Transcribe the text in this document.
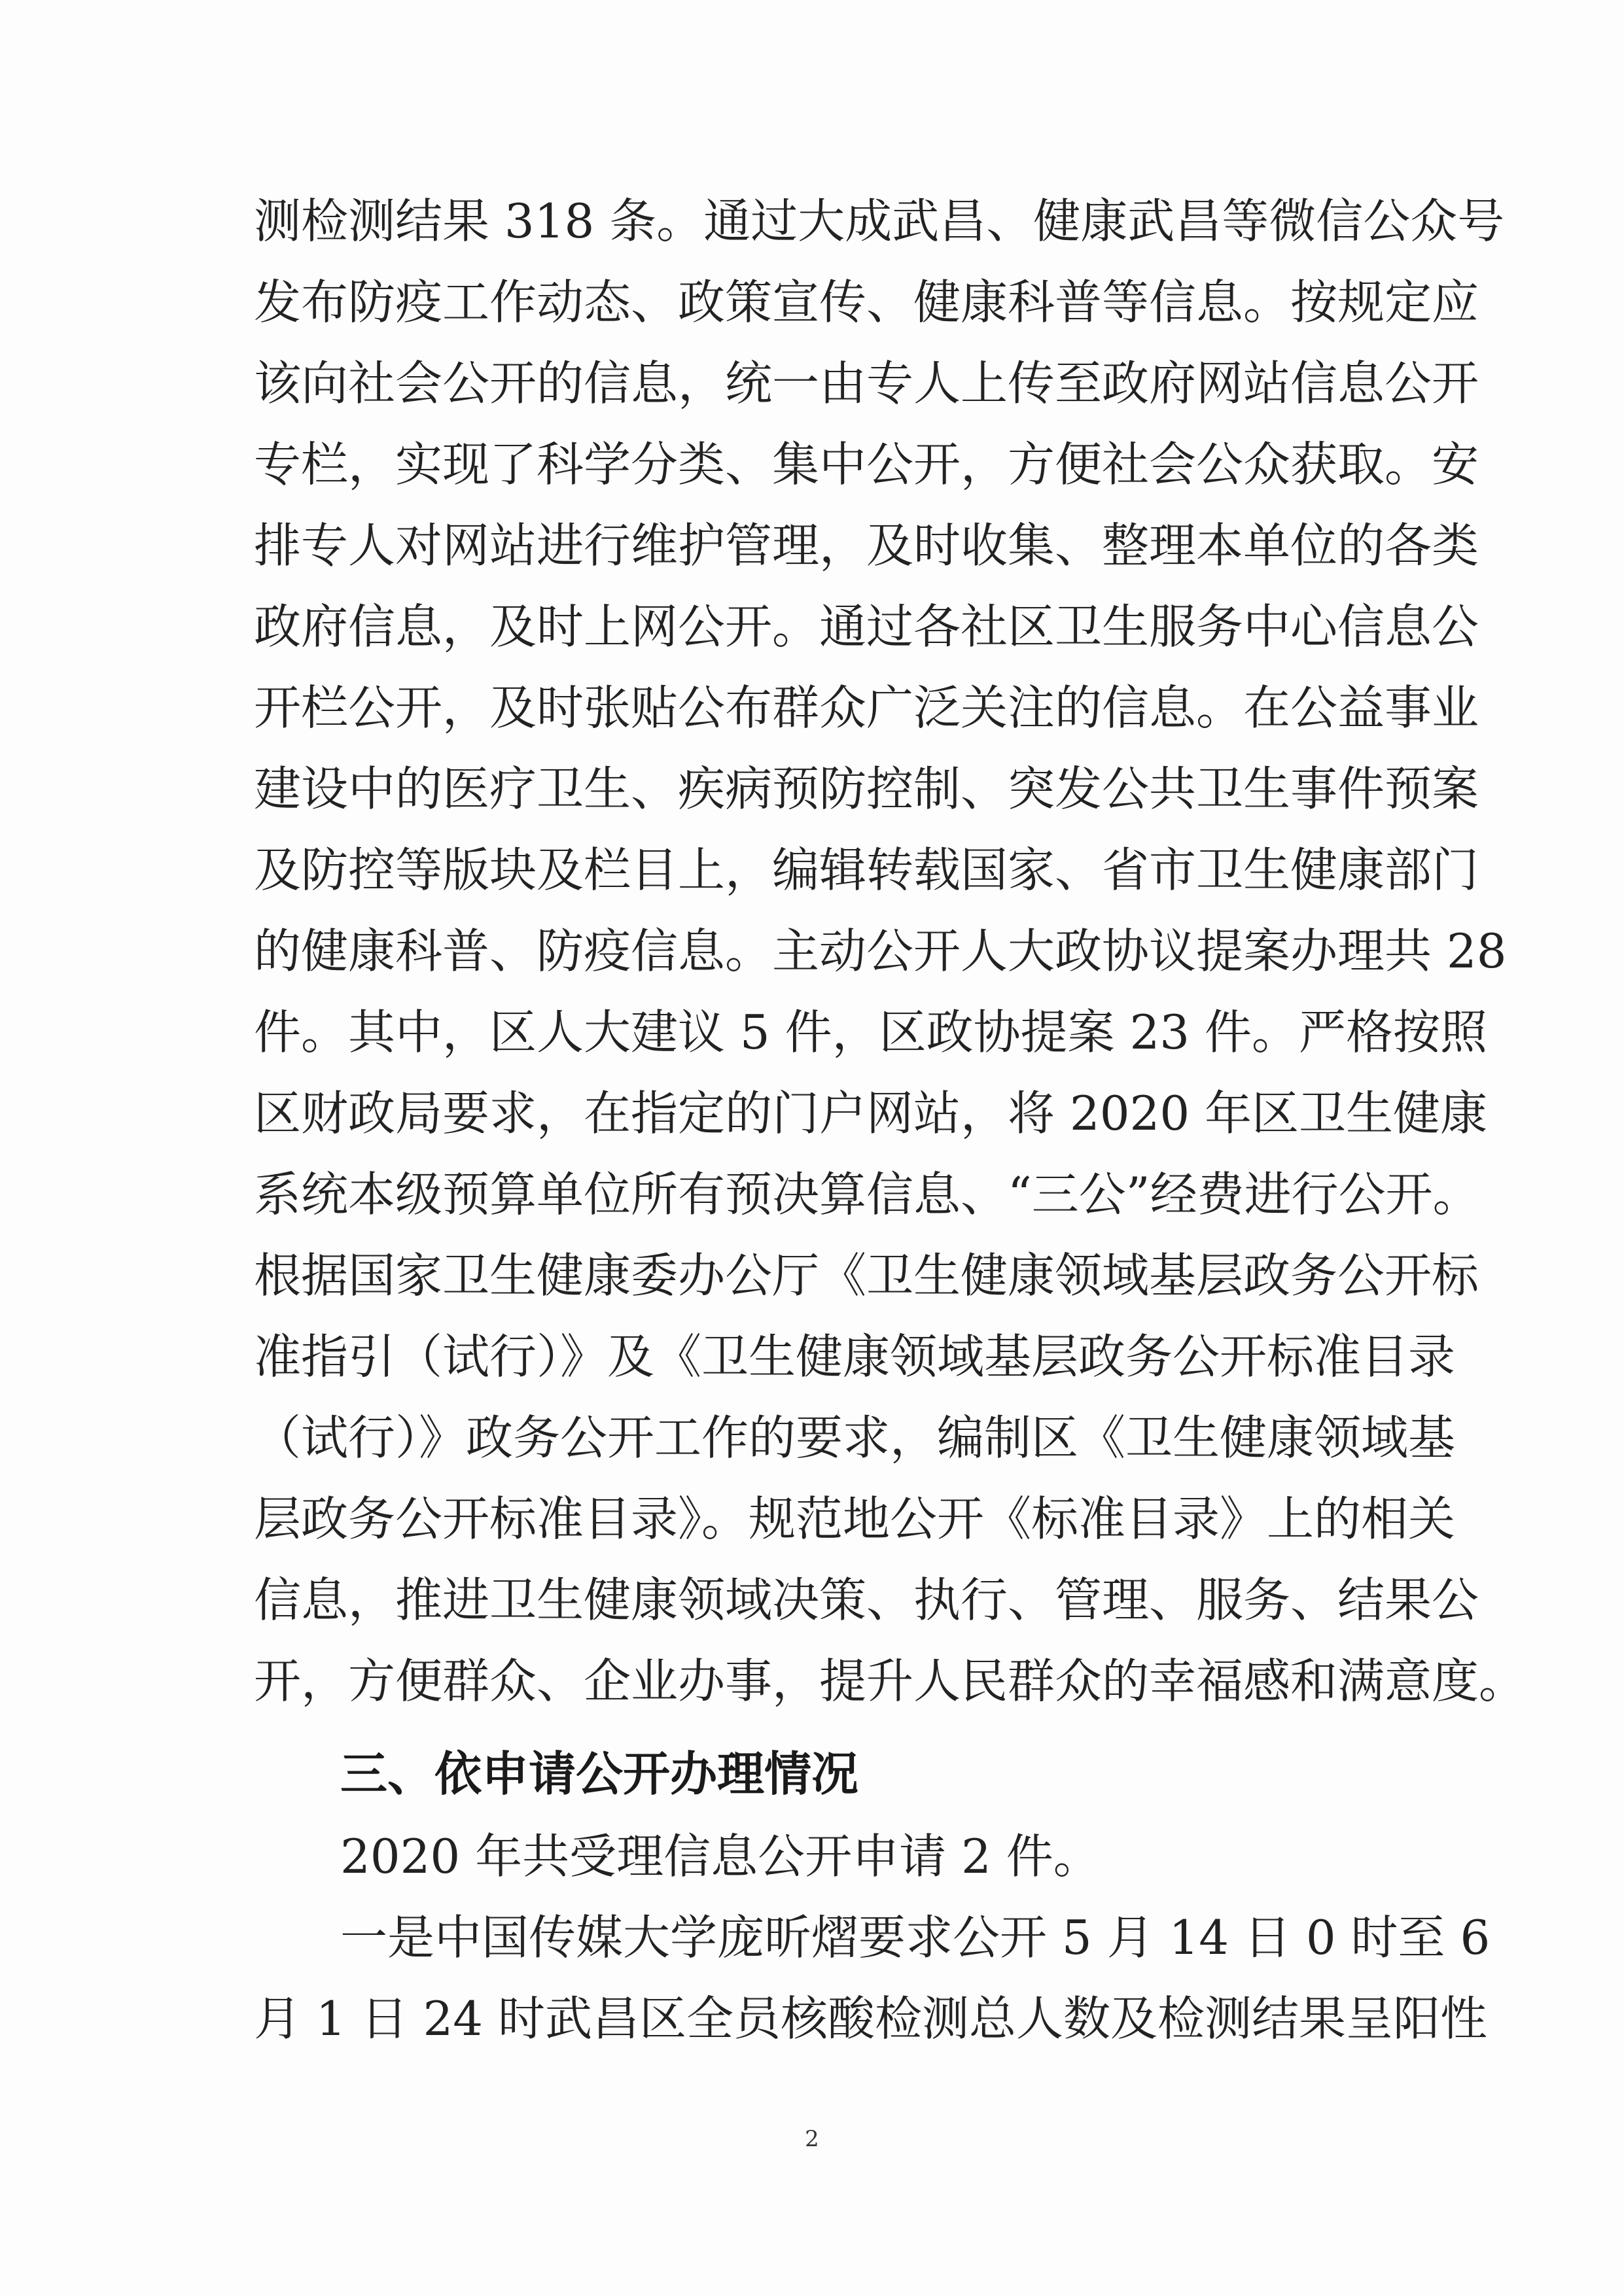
测检测结果 318 条。通过大成武昌、健康武昌等微信公众号
发布防疫工作动态、政策宣传、健康科普等信息。按规定应
该向社会公开的信息，统一由专人上传至政府网站信息公开
专栏，实现了科学分类、集中公开，方便社会公众获取。安
排专人对网站进行维护管理，及时收集、整理本单位的各类
政府信息，及时上网公开。通过各社区卫生服务中心信息公
开栏公开，及时张贴公布群众广泛关注的信息。在公益事业
建设中的医疗卫生、疾病预防控制、突发公共卫生事件预案
及防控等版块及栏目上，编辑转载国家、省市卫生健康部门
的健康科普、防疫信息。主动公开人大政协议提案办理共 28
件。其中，区人大建议 5 件，区政协提案 23 件。严格按照
区财政局要求，在指定的门户网站，将 2020 年区卫生健康
系统本级预算单位所有预决算信息、“三公”经费进行公开。
根据国家卫生健康委办公厅《卫生健康领域基层政务公开标
准指引（试行）》及《卫生健康领域基层政务公开标准目录
（试行）》政务公开工作的要求，编制区《卫生健康领域基
层政务公开标准目录》。规范地公开《标准目录》上的相关
信息，推进卫生健康领域决策、执行、管理、服务、结果公
开，方便群众、企业办事，提升人民群众的幸福感和满意度。
三、依申请公开办理情况
2020 年共受理信息公开申请 2 件。
一是中国传媒大学庞昕熠要求公开 5 月 14 日 0 时至 6
月 1 日 24 时武昌区全员核酸检测总人数及检测结果呈阳性
2
